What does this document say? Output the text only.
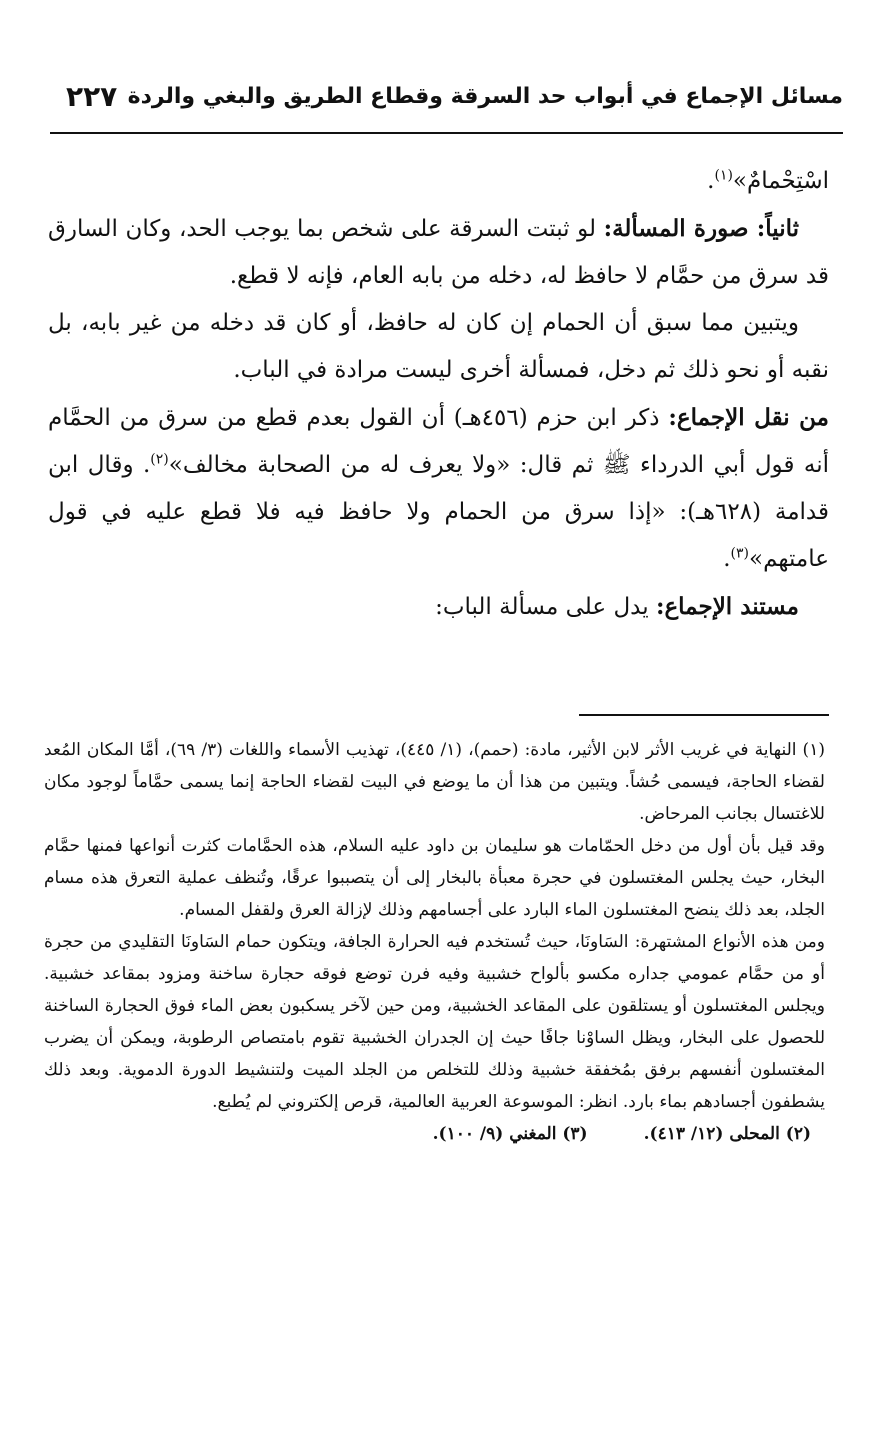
مسائل الإجماع في أبواب حد السرقة وقطاع الطريق والبغي والردة
٢٢٧

اسْتِحْمامٌ»$^{(١)}$.

ثانياً: صورة المسألة: لو ثبتت السرقة على شخص بما يوجب الحد، وكان السارق قد سرق من حمَّام لا حافظ له، دخله من بابه العام، فإنه لا قطع.

ويتبين مما سبق أن الحمام إن كان له حافظ، أو كان قد دخله من غير بابه، بل نقبه أو نحو ذلك ثم دخل، فمسألة أخرى ليست مرادة في الباب.

من نقل الإجماع: ذكر ابن حزم (٤٥٦هـ) أن القول بعدم قطع من سرق من الحمَّام أنه قول أبي الدرداء ﷺ ثم قال: «ولا يعرف له من الصحابة مخالف»$^{(٢)}$. وقال ابن قدامة (٦٢٨هـ): «إذا سرق من الحمام ولا حافظ فيه فلا قطع عليه في قول عامتهم»$^{(٣)}$.

مستند الإجماع: يدل على مسألة الباب:

(١) النهاية في غريب الأثر لابن الأثير، مادة: (حمم)، (١/ ٤٤٥)، تهذيب الأسماء واللغات (٣/ ٦٩)، أمَّا المكان المُعد لقضاء الحاجة، فيسمى حُشاً. ويتبين من هذا أن ما يوضع في البيت لقضاء الحاجة إنما يسمى حمَّاماً لوجود مكان للاغتسال بجانب المرحاض.

وقد قيل بأن أول من دخل الحمّامات هو سليمان بن داود عليه السلام، هذه الحمَّامات كثرت أنواعها فمنها حمَّام البخار، حيث يجلس المغتسلون في حجرة معبأة بالبخار إلى أن يتصببوا عرقًا، وتُنظف عملية التعرق هذه مسام الجلد، بعد ذلك ينضح المغتسلون الماء البارد على أجسامهم وذلك لإزالة العرق ولقفل المسام.

ومن هذه الأنواع المشتهرة: السَاونَا، حيث تُستخدم فيه الحرارة الجافة، ويتكون حمام السَاونَا التقليدي من حجرة أو من حمَّام عمومي جداره مكسو بألواح خشبية وفيه فرن توضع فوقه حجارة ساخنة ومزود بمقاعد خشبية. ويجلس المغتسلون أو يستلقون على المقاعد الخشبية، ومن حين لآخر يسكبون بعض الماء فوق الحجارة الساخنة للحصول على البخار، ويظل الساوْنا جافًا حيث إن الجدران الخشبية تقوم بامتصاص الرطوبة، ويمكن أن يضرب المغتسلون أنفسهم برفق بمُخفقة خشبية وذلك للتخلص من الجلد الميت ولتنشيط الدورة الدموية. وبعد ذلك يشطفون أجسادهم بماء بارد. انظر: الموسوعة العربية العالمية، قرص إلكتروني لم يُطبع.

(٢) المحلى (١٢/ ٤١٣).
(٣) المغني (٩/ ١٠٠).
